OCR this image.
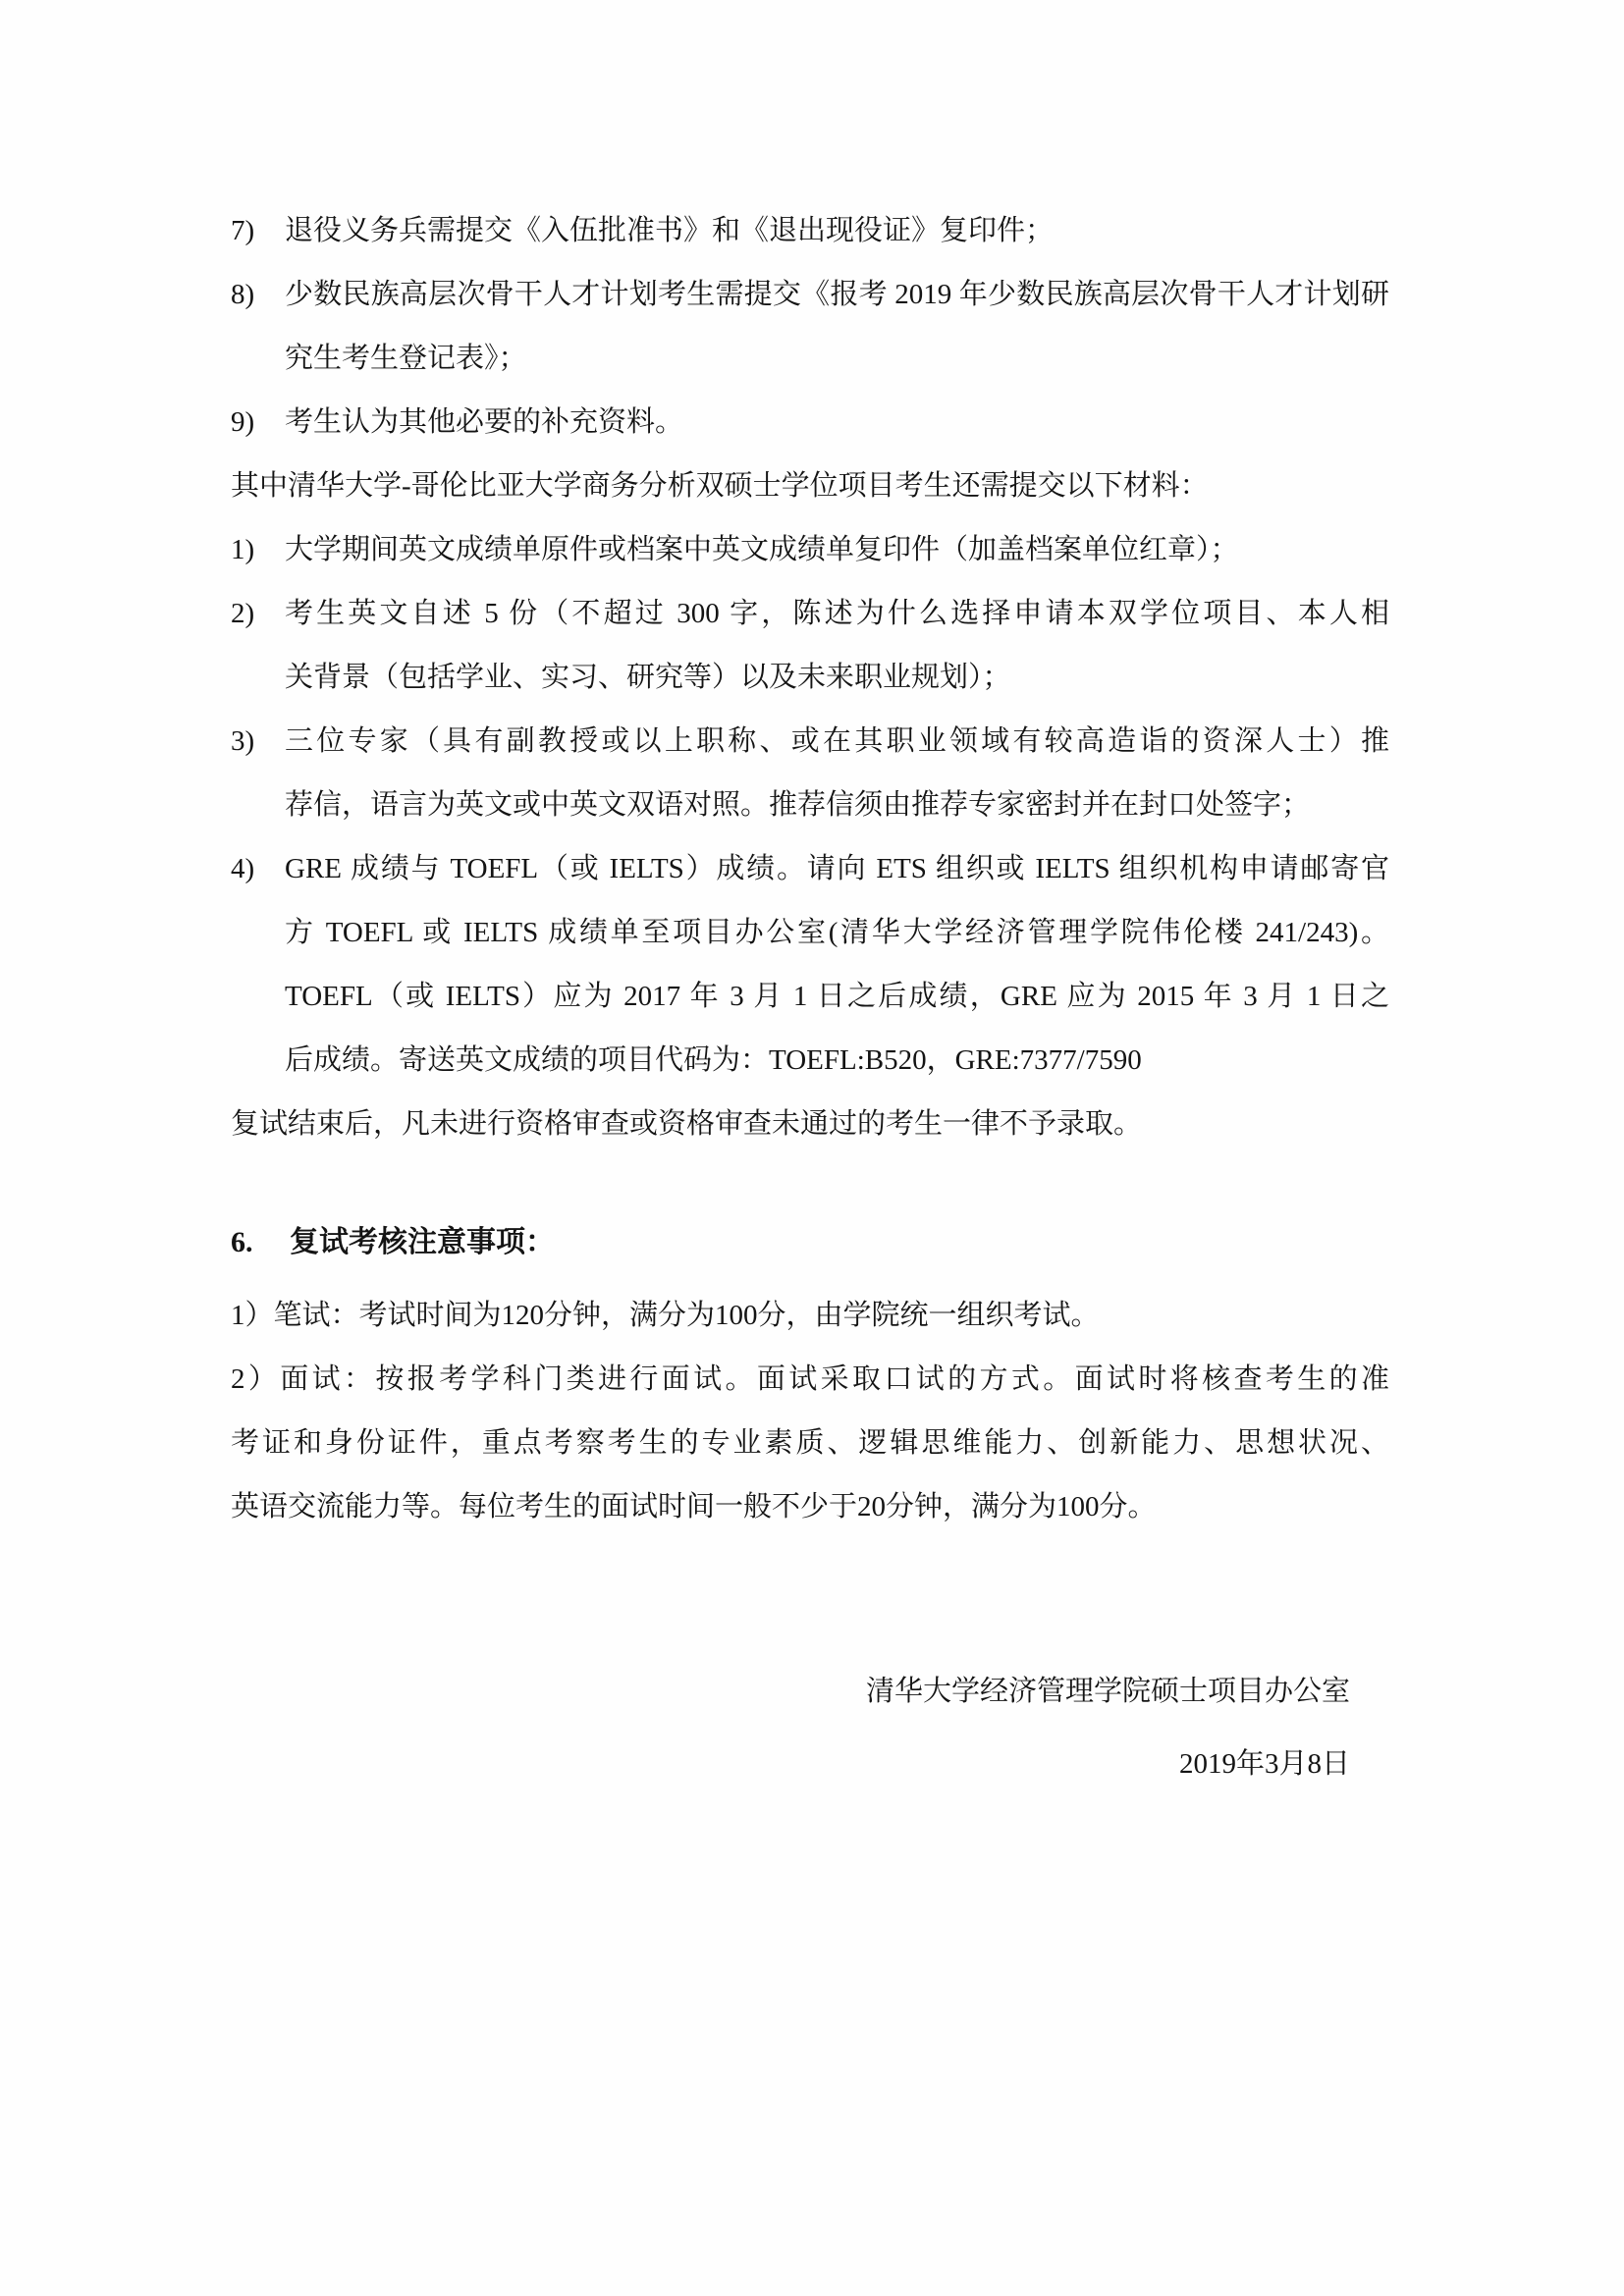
7) 退役义务兵需提交《入伍批准书》和《退出现役证》复印件；
8) 少数民族高层次骨干人才计划考生需提交《报考 2019 年少数民族高层次骨干人才计划研
究生考生登记表》；
9) 考生认为其他必要的补充资料。
其中清华大学-哥伦比亚大学商务分析双硕士学位项目考生还需提交以下材料：
1) 大学期间英文成绩单原件或档案中英文成绩单复印件（加盖档案单位红章）；
2) 考生英文自述 5 份（不超过 300 字，陈述为什么选择申请本双学位项目、本人相
关背景（包括学业、实习、研究等）以及未来职业规划）；
3) 三位专家（具有副教授或以上职称、或在其职业领域有较高造诣的资深人士）推
荐信，语言为英文或中英文双语对照。推荐信须由推荐专家密封并在封口处签字；
4) GRE 成绩与 TOEFL（或 IELTS）成绩。请向 ETS 组织或 IELTS 组织机构申请邮寄官
方 TOEFL 或 IELTS 成绩单至项目办公室(清华大学经济管理学院伟伦楼 241/243)。
TOEFL（或 IELTS）应为 2017 年 3 月 1 日之后成绩，GRE 应为 2015 年 3 月 1 日之
后成绩。寄送英文成绩的项目代码为：TOEFL:B520，GRE:7377/7590
复试结束后，凡未进行资格审查或资格审查未通过的考生一律不予录取。
6. 复试考核注意事项：
1）笔试：考试时间为120分钟，满分为100分，由学院统一组织考试。
2）面试：按报考学科门类进行面试。面试采取口试的方式。面试时将核查考生的准
考证和身份证件，重点考察考生的专业素质、逻辑思维能力、创新能力、思想状况、
英语交流能力等。每位考生的面试时间一般不少于20分钟，满分为100分。
清华大学经济管理学院硕士项目办公室
2019年3月8日
